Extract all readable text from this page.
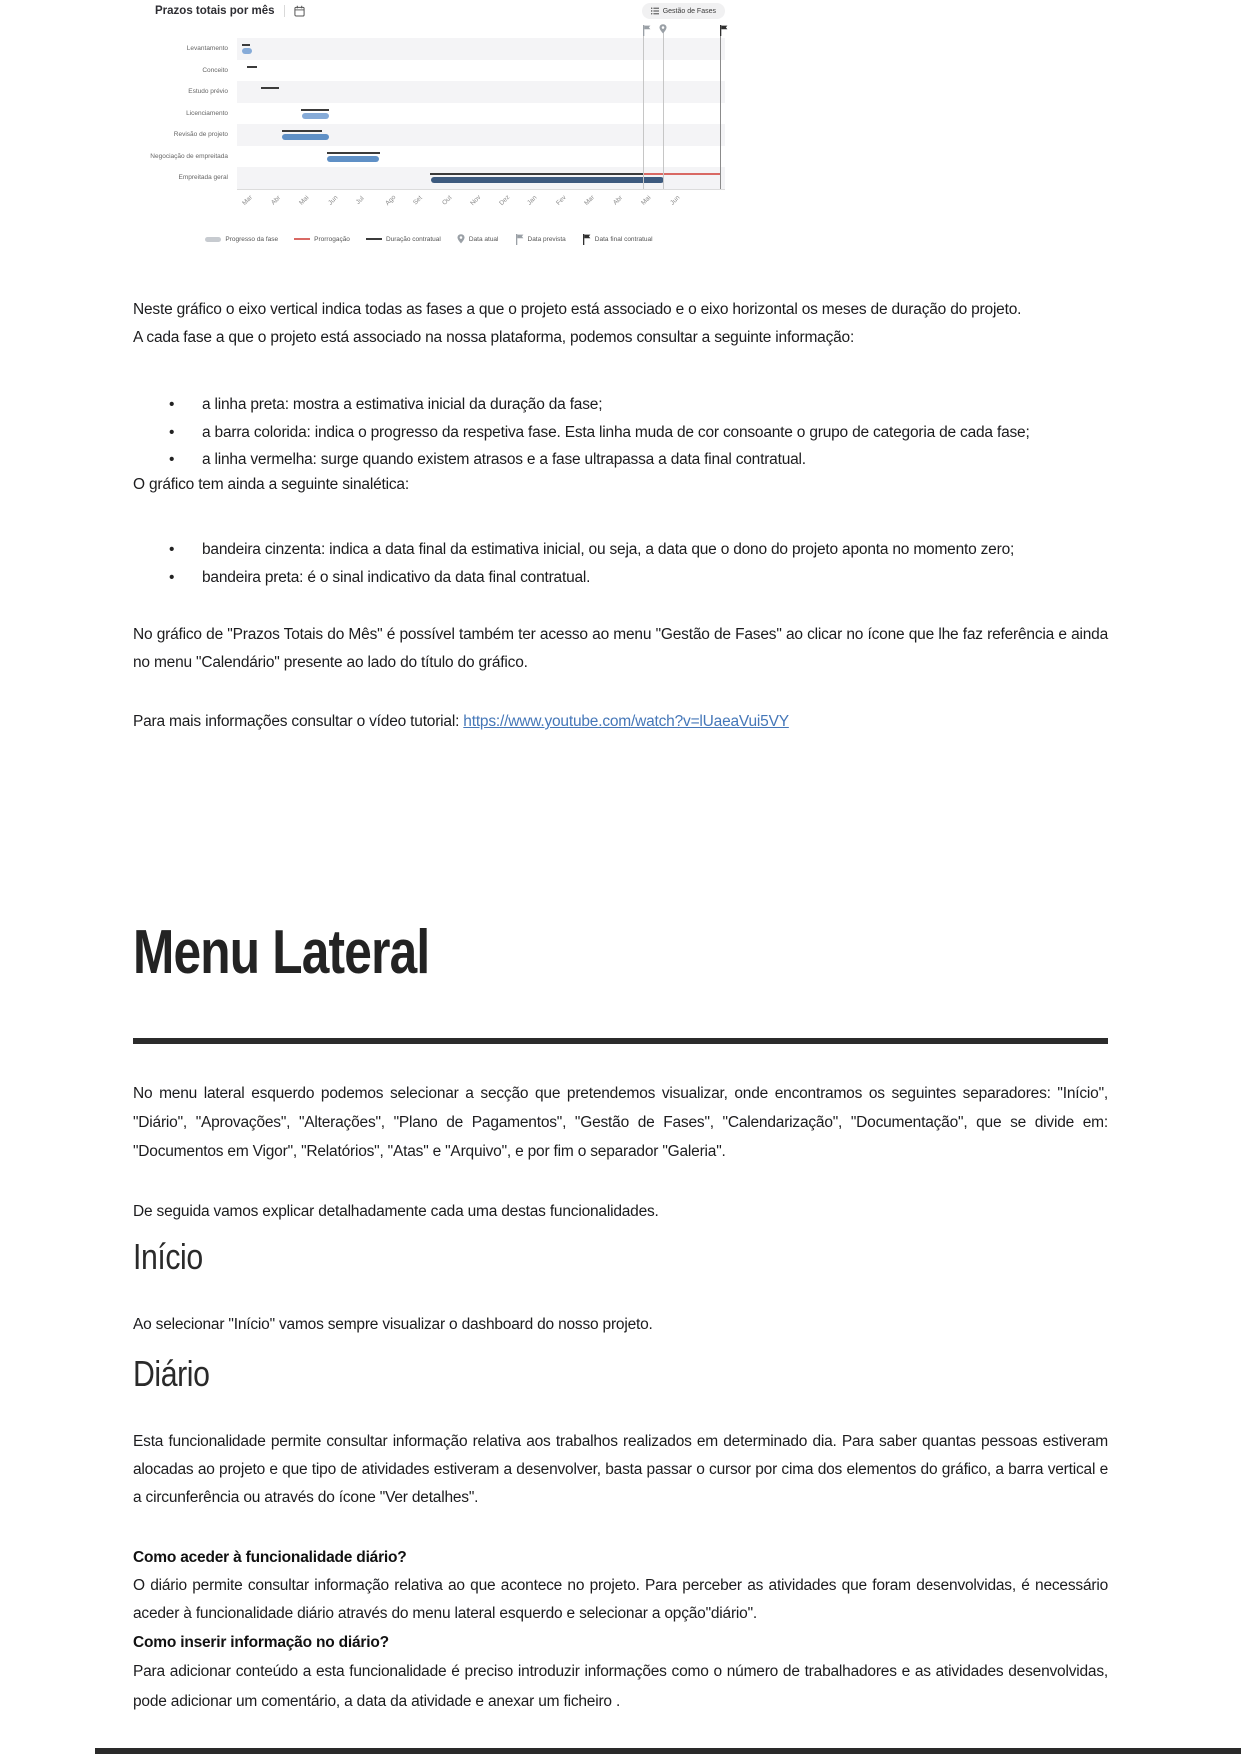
Prazos totais por mês	Gestão de Fases
Levantamento
Conceito
Estudo prévio
Licenciamento
Revisão de projeto
Negociação de empreitada
Empreitada geral
Mar Abr	Mai Jun Jul	Ago Set	Out	Nov Dez Jan Fev Mar Abr	Mai Jun
Progresso da fase	Prorrogação	Duração contratual	Data atual	Data prevista	Data final contratual

Neste gráfico o eixo vertical indica todas as fases a que o projeto está associado e o eixo horizontal os meses de duração do projeto.

A cada fase a que o projeto está associado na nossa plataforma, podemos consultar a seguinte informação:

• a linha preta: mostra a estimativa inicial da duração da fase;
• a barra colorida: indica o progresso da respetiva fase. Esta linha muda de cor consoante o grupo de categoria de cada fase;
• a linha vermelha: surge quando existem atrasos e a fase ultrapassa a data final contratual.

O gráfico tem ainda a seguinte sinalética:

• bandeira cinzenta: indica a data final da estimativa inicial, ou seja, a data que o dono do projeto aponta no momento zero;
• bandeira preta: é o sinal indicativo da data final contratual.

No gráfico de "Prazos Totais do Mês" é possível também ter acesso ao menu "Gestão de Fases" ao clicar no ícone que lhe faz referência e ainda no menu "Calendário" presente ao lado do título do gráfico.

Para mais informações consultar o vídeo tutorial: https://www.youtube.com/watch?v=lUaeaVui5VY

Menu Lateral

No menu lateral esquerdo podemos selecionar a secção que pretendemos visualizar, onde encontramos os seguintes separadores: "Início", "Diário", "Aprovações", "Alterações", "Plano de Pagamentos", "Gestão de Fases", "Calendarização", "Documentação", que se divide em: "Documentos em Vigor", "Relatórios", "Atas" e "Arquivo", e por fim o separador "Galeria".

De seguida vamos explicar detalhadamente cada uma destas funcionalidades.

Início

Ao selecionar "Início" vamos sempre visualizar o dashboard do nosso projeto.

Diário

Esta funcionalidade permite consultar informação relativa aos trabalhos realizados em determinado dia. Para saber quantas pessoas estiveram alocadas ao projeto e que tipo de atividades estiveram a desenvolver, basta passar o cursor por cima dos elementos do gráfico, a barra vertical e a circunferência ou através do ícone "Ver detalhes".

Como aceder à funcionalidade diário?

O diário permite consultar informação relativa ao que acontece no projeto. Para perceber as atividades que foram desenvolvidas, é necessário aceder à funcionalidade diário através do menu lateral esquerdo e selecionar a opção"diário".

Como inserir informação no diário?

Para adicionar conteúdo a esta funcionalidade é preciso introduzir informações como o número de trabalhadores e as atividades desenvolvidas, pode adicionar um comentário, a data da atividade e anexar um ficheiro .
